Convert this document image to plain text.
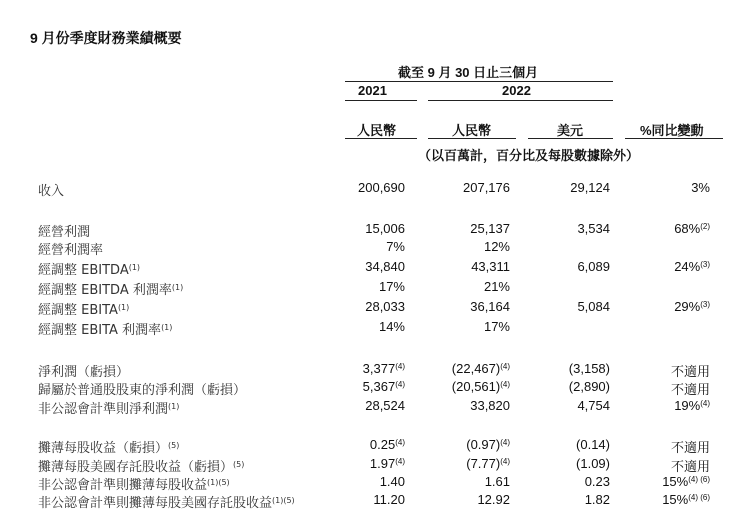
9 月份季度財務業績概要
截至 9 月 30 日止三個月
2021	2022
人民幣	人民幣	美元	%同比變動
（以百萬計，百分比及每股數據除外）
收入	200,690	207,176	29,124	3%
經營利潤	15,006	25,137	3,534	68%$^{(2)}$
經營利潤率	7%	12%
經調整 EBITDA$^{(1)}$	34,840	43,311	6,089	24%$^{(3)}$
經調整 EBITDA 利潤率$^{(1)}$	17%	21%
經調整 EBITA$^{(1)}$	28,033	36,164	5,084	29%$^{(3)}$
經調整 EBITA 利潤率$^{(1)}$	14%	17%
淨利潤（虧損）	3,377$^{(4)}$	$(22,467)^{(4)}$	(3,158)	不適用
歸屬於普通股股東的淨利潤（虧損）	5,367$^{(4)}$	$(20,561)^{(4)}$	(2,890)	不適用
非公認會計準則淨利潤$^{(1)}$	28,524	33,820	4,754	19%$^{(4)}$
攤薄每股收益（虧損）$^{(5)}$	0.25$^{(4)}$	$(0.97)^{(4)}$	(0.14)	不適用
攤薄每股美國存託股收益（虧損）$^{(5)}$	1.97$^{(4)}$	$(7.77)^{(4)}$	(1.09)	不適用
非公認會計準則攤薄每股收益$^{(1)(5)}$	1.40	1.61	0.23	15%$^{(4) (6)}$
非公認會計準則攤薄每股美國存託股收益$^{(1)(5)}$	11.20	12.92	1.82	15%$^{(4) (6)}$
